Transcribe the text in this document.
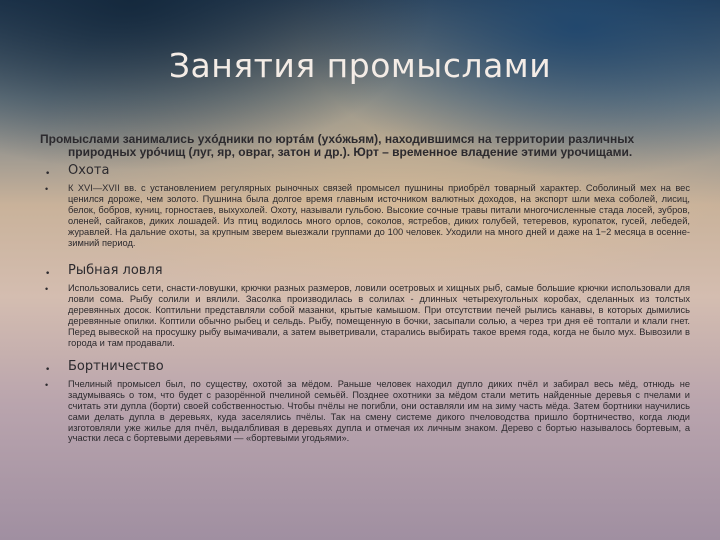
Занятия промыслами

Промыслами занимались ухóдники по юртáм (ухóжьям), находившимся на территории различных природных урóчищ (луг, яр, овраг, затон и др.). Юрт – временное владение этими урочищами.

• Охота
• К XVI—XVII вв. с установлением регулярных рыночных связей промысел пушнины приобрёл товарный характер. Соболиный мех на вес ценился дороже, чем золото. Пушнина была долгое время главным источником валютных доходов, на экспорт шли меха соболей, лисиц, белок, бобров, куниц, горностаев, выхухолей. Охоту, называли гульбою. Высокие сочные травы питали многочисленные стада лосей, зубров, оленей, сайгаков, диких лошадей. Из птиц водилось много орлов, соколов, ястребов, диких голубей, тетеревов, куропаток, гусей, лебедей, журавлей. На дальние охоты, за крупным зверем выезжали группами до 100 человек. Уходили на много дней и даже на 1−2 месяца в осенне-зимний период.
• Рыбная ловля
• Использовались сети, снасти-ловушки, крючки разных размеров, ловили осетровых и хищных рыб, самые большие крючки использовали для ловли сома. Рыбу солили и вялили. Засолка производилась в солилах - длинных четырехугольных коробах, сделанных из толстых деревянных досок. Коптильни представляли собой мазанки, крытые камышом. При отсутствии печей рылись канавы, в которых дымились деревянные опилки. Коптили обычно рыбец и сельдь. Рыбу, помещенную в бочки, засыпали солью, а через три дня её топтали и клали гнет. Перед вывеской на просушку рыбу вымачивали, а затем выветривали, старались выбирать такое время года, когда не было мух. Вывозили в города и там продавали.
• Бортничество
• Пчелиный промысел был, по существу, охотой за мёдом. Раньше человек находил дупло диких пчёл и забирал весь мёд, отнюдь не задумываясь о том, что будет с разорённой пчелиной семьёй. Позднее охотники за мёдом стали метить найденные деревья с пчелами и считать эти дупла (борти) своей собственностью. Чтобы пчёлы не погибли, они оставляли им на зиму часть мёда. Затем бортники научились сами делать дупла в деревьях, куда заселялись пчёлы. Так на смену системе дикого пчеловодства пришло бортничество, когда люди изготовляли уже жилье для пчёл, выдалбливая в деревьях дупла и отмечая их личным знаком. Дерево с бортью называлось бортевым, а участки леса с бортевыми деревьями — «бортевыми угодьями».
